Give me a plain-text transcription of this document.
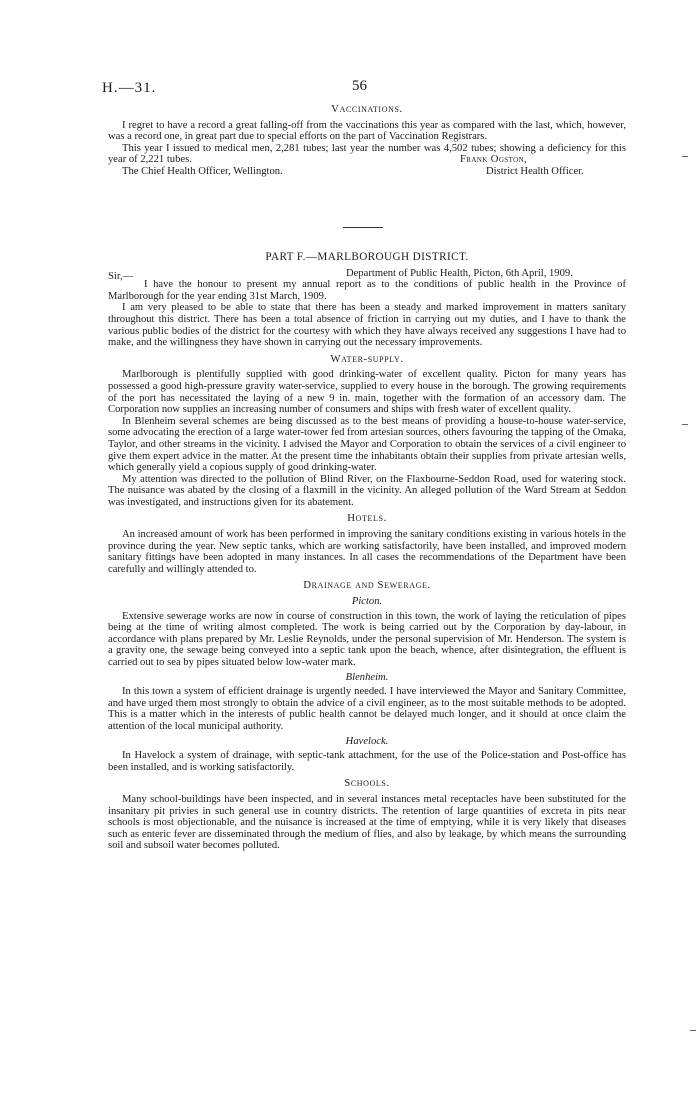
H.—31.	56
Vaccinations.

I regret to have a record a great falling-off from the vaccinations this year as compared with the last, which, however, was a record one, in great part due to special efforts on the part of Vaccination Registrars.

This year I issued to medical men, 2,281 tubes; last year the number was 4,502 tubes; showing a deficiency for this year of 2,221 tubes.	Frank Ogston,
The Chief Health Officer, Wellington.	District Health Officer.
PART F.—MARLBOROUGH DISTRICT.
Sir,—	Department of Public Health, Picton, 6th April, 1909.

I have the honour to present my annual report as to the conditions of public health in the Province of Marlborough for the year ending 31st March, 1909.

I am very pleased to be able to state that there has been a steady and marked improvement in matters sanitary throughout this district. There has been a total absence of friction in carrying out my duties, and I have to thank the various public bodies of the district for the courtesy with which they have always received any suggestions I have had to make, and the willingness they have shown in carrying out the necessary improvements.

Water-supply.

Marlborough is plentifully supplied with good drinking-water of excellent quality. Picton for many years has possessed a good high-pressure gravity water-service, supplied to every house in the borough. The growing requirements of the port has necessitated the laying of a new 9 in. main, together with the formation of an accessory dam. The Corporation now supplies an increasing number of consumers and ships with fresh water of excellent quality.

In Blenheim several schemes are being discussed as to the best means of providing a house-to-house water-service, some advocating the erection of a large water-tower fed from artesian sources, others favouring the tapping of the Omaka, Taylor, and other streams in the vicinity. I advised the Mayor and Corporation to obtain the services of a civil engineer to give them expert advice in the matter. At the present time the inhabitants obtain their supplies from private artesian wells, which generally yield a copious supply of good drinking-water.

My attention was directed to the pollution of Blind River, on the Flaxbourne-Seddon Road, used for watering stock. The nuisance was abated by the closing of a flaxmill in the vicinity. An alleged pollution of the Ward Stream at Seddon was investigated, and instructions given for its abatement.

Hotels.

An increased amount of work has been performed in improving the sanitary conditions existing in various hotels in the province during the year. New septic tanks, which are working satisfactorily, have been installed, and improved modern sanitary fittings have been adopted in many instances. In all cases the recommendations of the Department have been carefully and willingly attended to.

Drainage and Sewerage.
Picton.

Extensive sewerage works are now in course of construction in this town, the work of laying the reticulation of pipes being at the time of writing almost completed. The work is being carried out by the Corporation by day-labour, in accordance with plans prepared by Mr. Leslie Reynolds, under the personal supervision of Mr. Henderson. The system is a gravity one, the sewage being conveyed into a septic tank upon the beach, whence, after disintegration, the effluent is carried out to sea by pipes situated below low-water mark.

Blenheim.

In this town a system of efficient drainage is urgently needed. I have interviewed the Mayor and Sanitary Committee, and have urged them most strongly to obtain the advice of a civil engineer, as to the most suitable methods to be adopted. This is a matter which in the interests of public health cannot be delayed much longer, and it should at once claim the attention of the local municipal authority.

Havelock.

In Havelock a system of drainage, with septic-tank attachment, for the use of the Police-station and Post-office has been installed, and is working satisfactorily.

Schools.

Many school-buildings have been inspected, and in several instances metal receptacles have been substituted for the insanitary pit privies in such general use in country districts. The retention of large quantities of excreta in pits near schools is most objectionable, and the nuisance is increased at the time of emptying, while it is very likely that diseases such as enteric fever are disseminated through the medium of flies, and also by leakage, by which means the surrounding soil and subsoil water becomes polluted.
